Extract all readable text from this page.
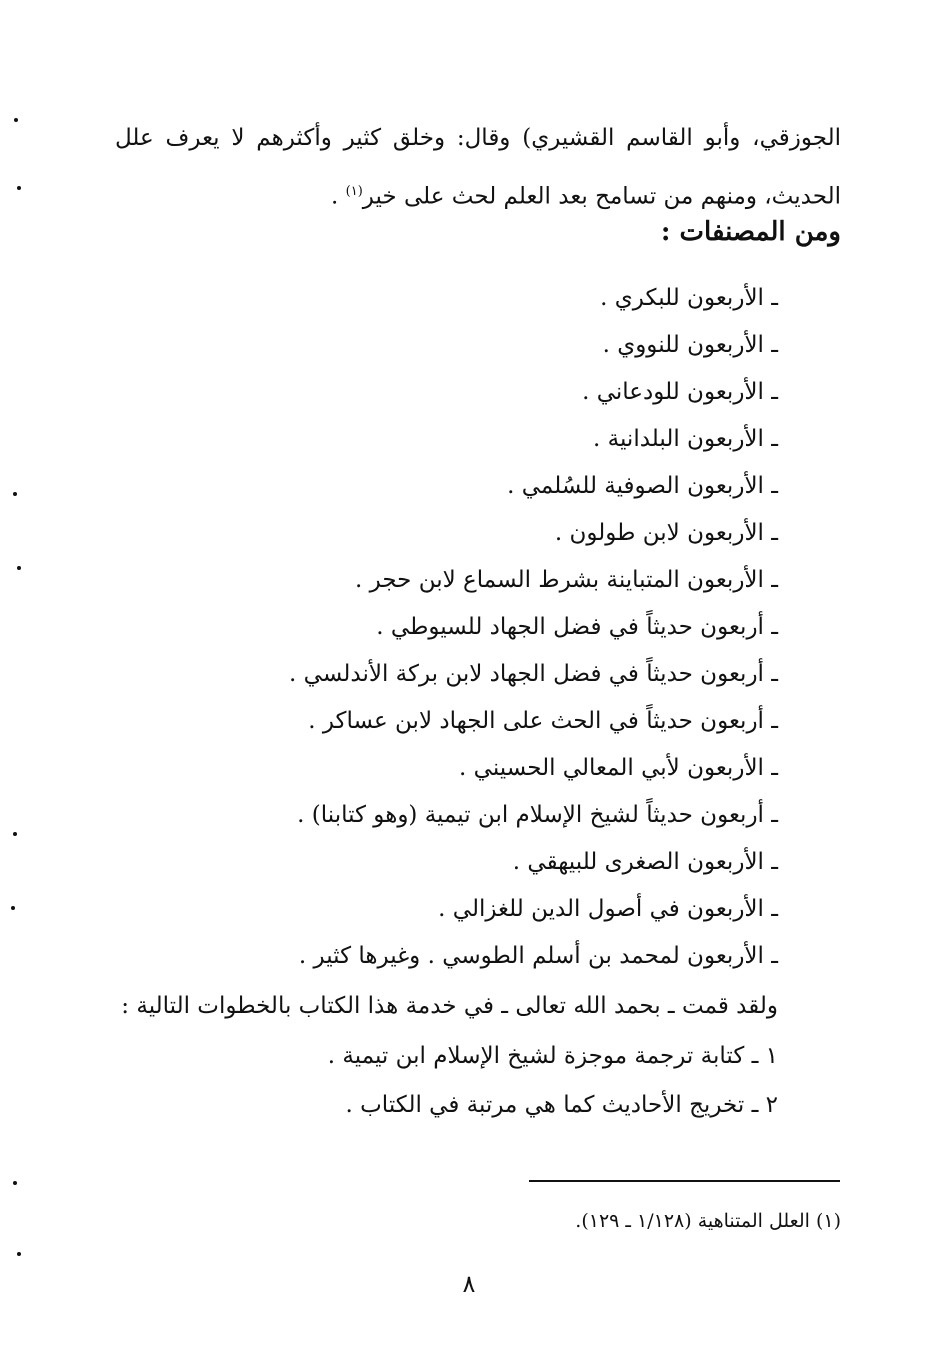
الجوزقي، وأبو القاسم القشيري) وقال: وخلق كثير وأكثرهم لا يعرف علل الحديث، ومنهم من تسامح بعد العلم لحث على خير$^{(١)}$ .
ومن المصنفات :
ـ الأربعون للبكري .
ـ الأربعون للنووي .
ـ الأربعون للودعاني .
ـ الأربعون البلدانية .
ـ الأربعون الصوفية للسُلمي .
ـ الأربعون لابن طولون .
ـ الأربعون المتباينة بشرط السماع لابن حجر .
ـ أربعون حديثاً في فضل الجهاد للسيوطي .
ـ أربعون حديثاً في فضل الجهاد لابن بركة الأندلسي .
ـ أربعون حديثاً في الحث على الجهاد لابن عساكر .
ـ الأربعون لأبي المعالي الحسيني .
ـ أربعون حديثاً لشيخ الإسلام ابن تيمية (وهو كتابنا) .
ـ الأربعون الصغرى للبيهقي .
ـ الأربعون في أصول الدين للغزالي .
ـ الأربعون لمحمد بن أسلم الطوسي . وغيرها كثير .
ولقد قمت ـ بحمد الله تعالى ـ في خدمة هذا الكتاب بالخطوات التالية :
١ ـ كتابة ترجمة موجزة لشيخ الإسلام ابن تيمية .
٢ ـ تخريج الأحاديث كما هي مرتبة في الكتاب .
(١) العلل المتناهية (١/١٢٨ ـ ١٢٩).
٨
